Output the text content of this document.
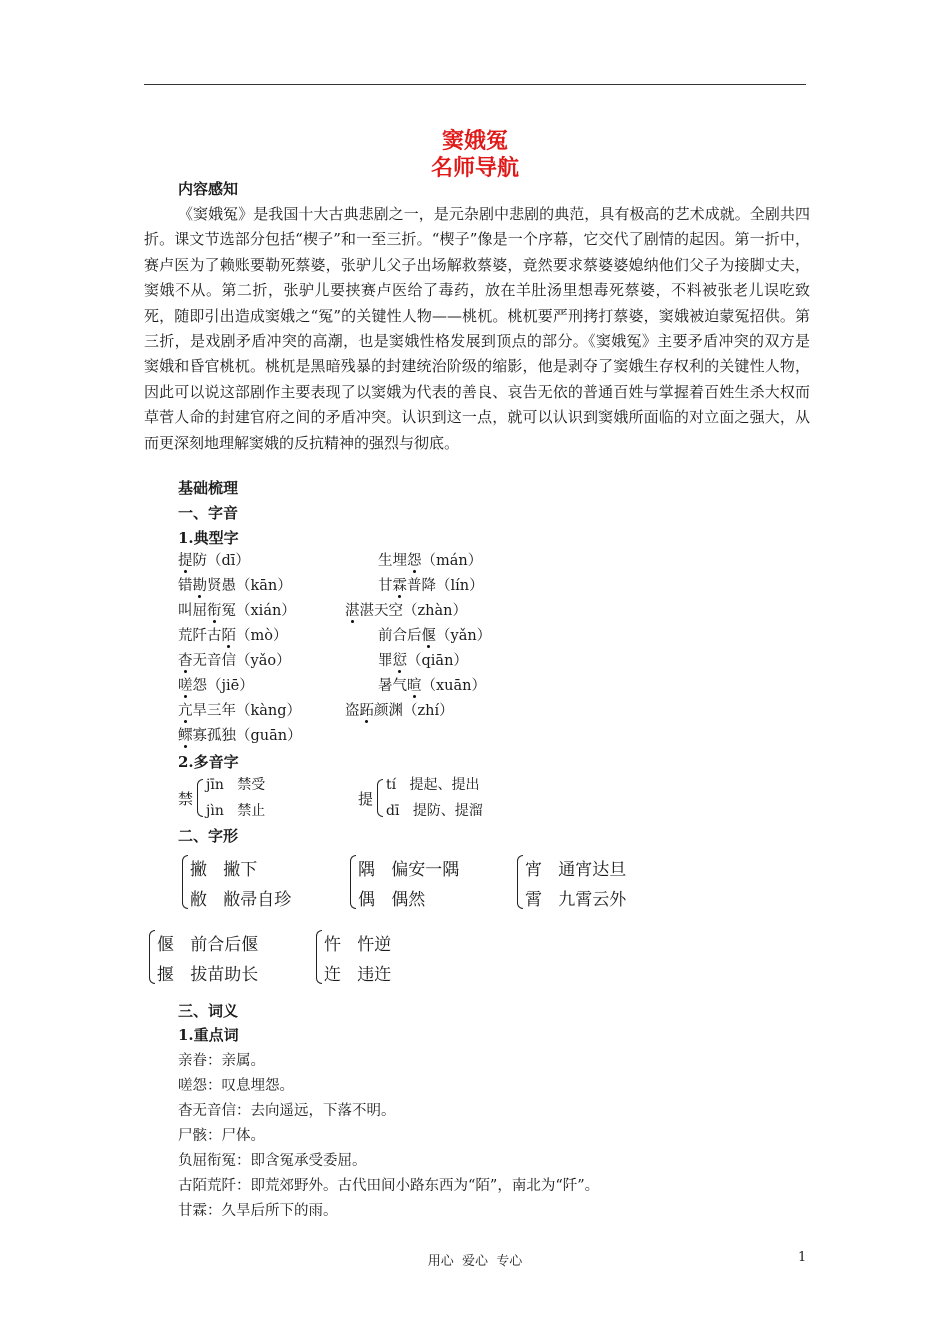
窦娥冤
名师导航
内容感知

《窦娥冤》是我国十大古典悲剧之一，是元杂剧中悲剧的典范，具有极高的艺术成就。全剧共四折。课文节选部分包括“楔子”和一至三折。“楔子”像是一个序幕，它交代了剧情的起因。第一折中，赛卢医为了赖账要勒死蔡婆，张驴儿父子出场解救蔡婆，竟然要求蔡婆婆媳纳他们父子为接脚丈夫，窦娥不从。第二折，张驴儿要挟赛卢医给了毒药，放在羊肚汤里想毒死蔡婆，不料被张老儿误吃致死，随即引出造成窦娥之“冤”的关键性人物——桃杌。桃杌要严刑拷打蔡婆，窦娥被迫蒙冤招供。第三折，是戏剧矛盾冲突的高潮，也是窦娥性格发展到顶点的部分。《窦娥冤》主要矛盾冲突的双方是窦娥和昏官桃杌。桃杌是黑暗残暴的封建统治阶级的缩影，他是剥夺了窦娥生存权利的关键性人物，因此可以说这部剧作主要表现了以窦娥为代表的善良、哀告无依的普通百姓与掌握着百姓生杀大权而草菅人命的封建官府之间的矛盾冲突。认识到这一点，就可以认识到窦娥所面临的对立面之强大，从而更深刻地理解窦娥的反抗精神的强烈与彻底。

基础梳理
一、字音
1.典型字
提防（dī）	生埋怨（mán）
错勘贤愚（kān）	甘霖普降（lín）
叫屈衔冤（xián）	湛湛天空（zhàn）
荒阡古陌（mò）	前合后偃（yǎn）
杳无音信（yǎo）	罪愆（qiān）
嗟怨（jiē）	暑气暄（xuān）
亢旱三年（kàng）	盗跖颜渊（zhí）
鳏寡孤独（guān）
2.多音字
禁
jīn 禁受
jìn 禁止
提
tí 提起、提出
dī 提防、提溜
二、字形
撇 撇下
敝 敝帚自珍
隅 偏安一隅
偶 偶然
宵 通宵达旦
霄 九霄云外
偃 前合后偃
揠 拔苗助长
忤 忤逆
迕 违迕
三、词义
1.重点词
亲眷：亲属。
嗟怨：叹息埋怨。
杳无音信：去向遥远，下落不明。
尸骸：尸体。
负屈衔冤：即含冤承受委屈。
古陌荒阡：即荒郊野外。古代田间小路东西为“陌”，南北为“阡”。
甘霖：久旱后所下的雨。
用心  爱心  专心	1
